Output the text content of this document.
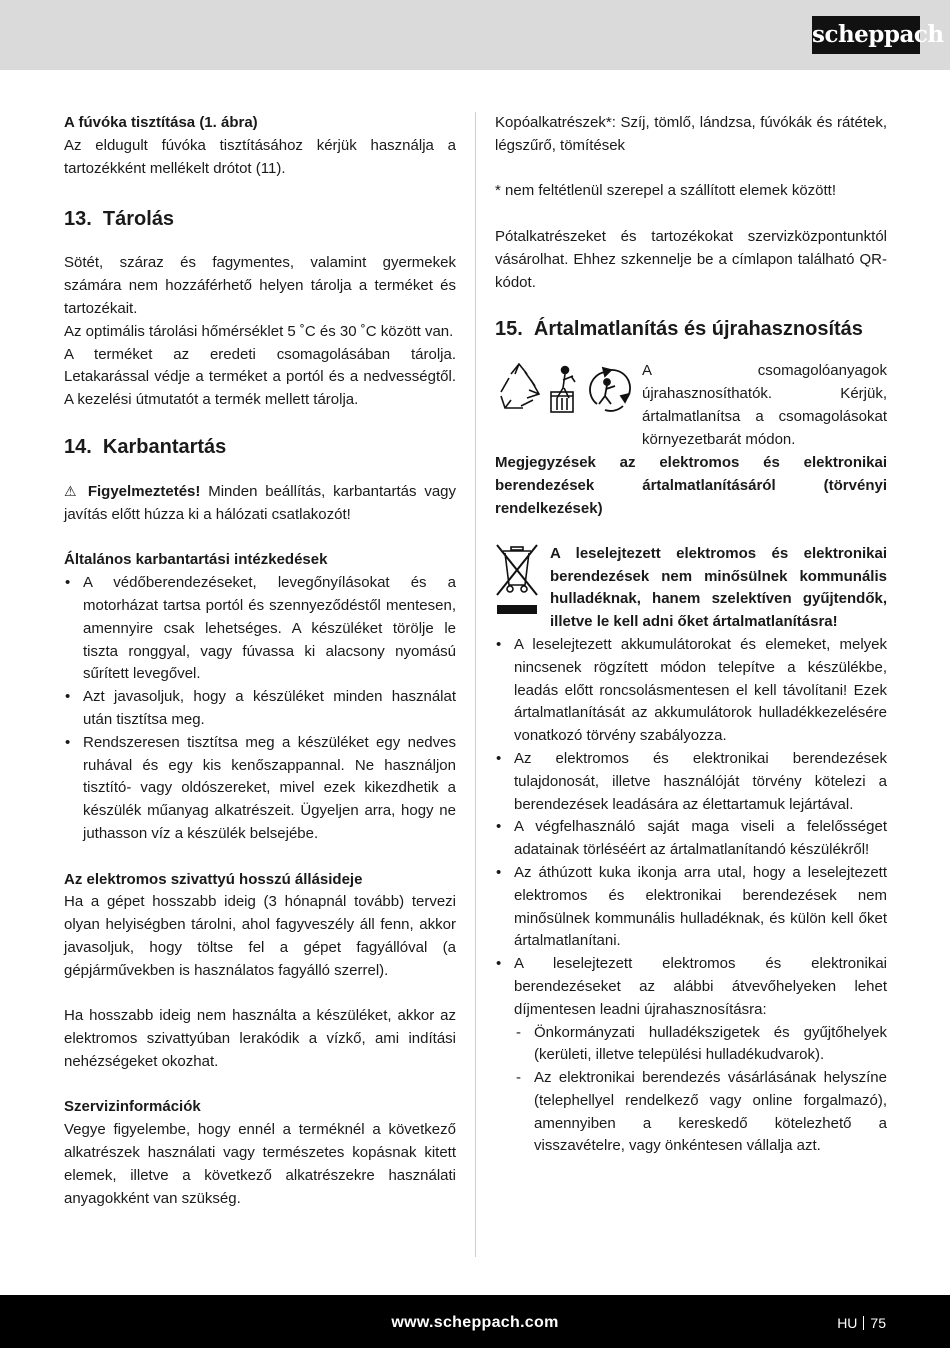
scheppach

A fúvóka tisztítása (1. ábra)

Az eldugult fúvóka tisztításához kérjük használja a tartozékként mellékelt drótot (11).

13.  Tárolás

Sötét, száraz és fagymentes, valamint gyermekek számára nem hozzáférhető helyen tárolja a terméket és tartozékait.

Az optimális tárolási hőmérséklet 5 ˚C és 30 ˚C között van.

A terméket az eredeti csomagolásában tárolja. Letakarással védje a terméket a portól és a nedvességtől. A kezelési útmutatót a termék mellett tárolja.

14.  Karbantartás

⚠ Figyelmeztetés! Minden beállítás, karbantartás vagy javítás előtt húzza ki a hálózati csatlakozót!

Általános karbantartási intézkedések

• A védőberendezéseket, levegőnyílásokat és a motorházat tartsa portól és szennyeződéstől mentesen, amennyire csak lehetséges. A készüléket törölje le tiszta ronggyal, vagy fúvassa ki alacsony nyomású sűrített levegővel.
• Azt javasoljuk, hogy a készüléket minden használat után tisztítsa meg.
• Rendszeresen tisztítsa meg a készüléket egy nedves ruhával és egy kis kenőszappannal. Ne használjon tisztító- vagy oldószereket, mivel ezek kikezdhetik a készülék műanyag alkatrészeit. Ügyeljen arra, hogy ne juthasson víz a készülék belsejébe.

Az elektromos szivattyú hosszú állásideje

Ha a gépet hosszabb ideig (3 hónapnál tovább) tervezi olyan helyiségben tárolni, ahol fagyveszély áll fenn, akkor javasoljuk, hogy töltse fel a gépet fagyállóval (a gépjárművekben is használatos fagyálló szerrel).

Ha hosszabb ideig nem használta a készüléket, akkor az elektromos szivattyúban lerakódik a vízkő, ami indítási nehézségeket okozhat.

Szervizinformációk

Vegye figyelembe, hogy ennél a terméknél a következő alkatrészek használati vagy természetes kopásnak kitett elemek, illetve a következő alkatrészekre használati anyagokként van szükség.

Kopóalkatrészek*: Szíj, tömlő, lándzsa, fúvókák és rátétek, légszűrő, tömítések

* nem feltétlenül szerepel a szállított elemek között!

Pótalkatrészeket és tartozékokat szervizközpontunktól vásárolhat. Ehhez szkennelje be a címlapon található QR-kódot.

15.  Ártalmatlanítás és újrahasznosítás

A csomagolóanyagok újrahasznosíthatók. Kérjük, ártalmatlanítsa a csomagolásokat környezetbarát módon.

Megjegyzések az elektromos és elektronikai berendezések ártalmatlanításáról (törvényi rendelkezések)

A leselejtezett elektromos és elektronikai berendezések nem minősülnek kommunális hulladéknak, hanem szelektíven gyűjtendők, illetve le kell adni őket ártalmatlanításra!

• A leselejtezett akkumulátorokat és elemeket, melyek nincsenek rögzített módon telepítve a készülékbe, leadás előtt roncsolásmentesen el kell távolítani! Ezek ártalmatlanítását az akkumulátorok hulladékkezelésére vonatkozó törvény szabályozza.
• Az elektromos és elektronikai berendezések tulajdonosát, illetve használóját törvény kötelezi a berendezések leadására az élettartamuk lejártával.
• A végfelhasználó saját maga viseli a felelősséget adatainak törléséért az ártalmatlanítandó készülékről!
• Az áthúzott kuka ikonja arra utal, hogy a leselejtezett elektromos és elektronikai berendezések nem minősülnek kommunális hulladéknak, és külön kell őket ártalmatlanítani.
• A leselejtezett elektromos és elektronikai berendezéseket az alábbi átvevőhelyeken lehet díjmentesen leadni újrahasznosításra:
- Önkormányzati hulladékszigetek és gyűjtőhelyek (kerületi, illetve települési hulladékudvarok).
- Az elektronikai berendezés vásárlásának helyszíne (telephellyel rendelkező vagy online forgalmazó), amennyiben a kereskedő kötelezhető a visszavételre, vagy önkéntesen vállalja azt.
www.scheppach.com	HU 75
